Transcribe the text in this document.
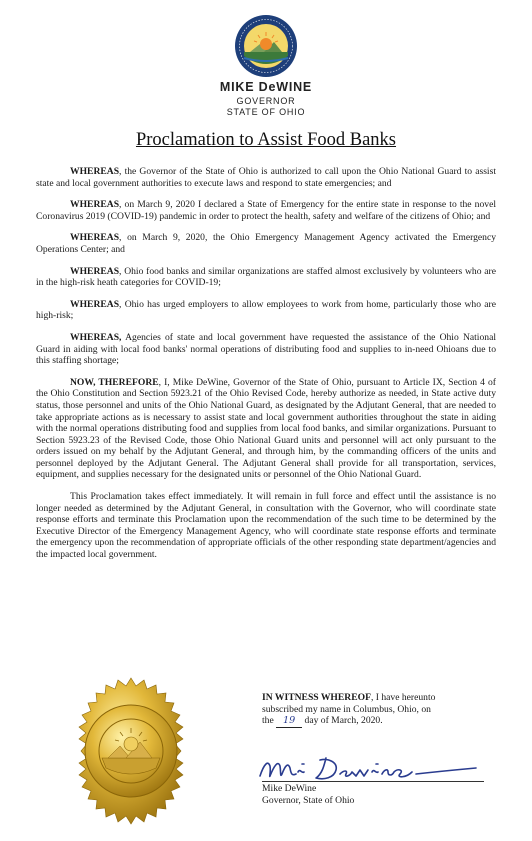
MIKE DeWINE
GOVERNOR
STATE OF OHIO
Proclamation to Assist Food Banks

WHEREAS, the Governor of the State of Ohio is authorized to call upon the Ohio National Guard to assist state and local government authorities to execute laws and respond to state emergencies; and

WHEREAS, on March 9, 2020 I declared a State of Emergency for the entire state in response to the novel Coronavirus 2019 (COVID-19) pandemic in order to protect the health, safety and welfare of the citizens of Ohio; and

WHEREAS, on March 9, 2020, the Ohio Emergency Management Agency activated the Emergency Operations Center; and

WHEREAS, Ohio food banks and similar organizations are staffed almost exclusively by volunteers who are in the high-risk heath categories for COVID-19;

WHEREAS, Ohio has urged employers to allow employees to work from home, particularly those who are high-risk;

WHEREAS, Agencies of state and local government have requested the assistance of the Ohio National Guard in aiding with local food banks' normal operations of distributing food and supplies to in-need Ohioans due to this staffing shortage;

NOW, THEREFORE, I, Mike DeWine, Governor of the State of Ohio, pursuant to Article IX, Section 4 of the Ohio Constitution and Section 5923.21 of the Ohio Revised Code, hereby authorize as needed, in State active duty status, those personnel and units of the Ohio National Guard, as designated by the Adjutant General, that are needed to take appropriate actions as is necessary to assist state and local government authorities throughout the state in aiding with the normal operations distributing food and supplies from local food banks, and similar organizations. Pursuant to Section 5923.23 of the Revised Code, those Ohio National Guard units and personnel will act only pursuant to the orders issued on my behalf by the Adjutant General, and through him, by the commanding officers of the units and personnel deployed by the Adjutant General. The Adjutant General shall provide for all transportation, services, equipment, and supplies necessary for the designated units or personnel of the Ohio National Guard.

This Proclamation takes effect immediately. It will remain in full force and effect until the assistance is no longer needed as determined by the Adjutant General, in consultation with the Governor, who will coordinate state response efforts and terminate this Proclamation upon the recommendation of the such time to be determined by the Executive Director of the Emergency Management Agency, who will coordinate state response efforts and terminate the emergency upon the recommendation of appropriate officials of the other responding state department/agencies and the impacted local government.

IN WITNESS WHEREOF, I have hereunto subscribed my name in Columbus, Ohio, on
the 19 day of March, 2020.
Mike DeWine
Governor, State of Ohio
